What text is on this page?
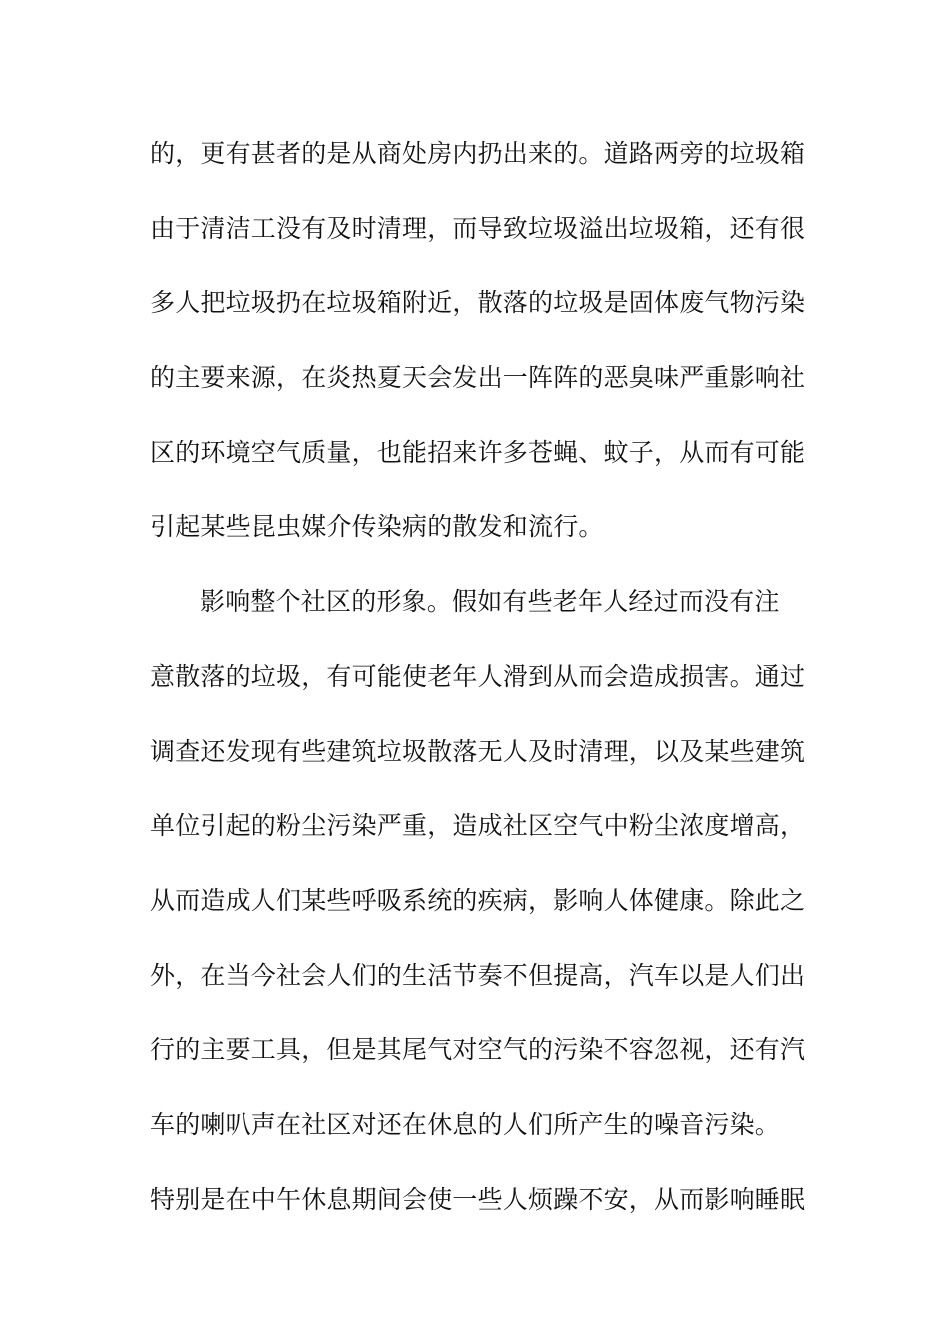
的，更有甚者的是从商处房内扔出来的。道路两旁的垃圾箱
由于清洁工没有及时清理，而导致垃圾溢出垃圾箱，还有很
多人把垃圾扔在垃圾箱附近，散落的垃圾是固体废气物污染
的主要来源，在炎热夏天会发出一阵阵的恶臭味严重影响社
区的环境空气质量，也能招来许多苍蝇、蚊子，从而有可能
引起某些昆虫媒介传染病的散发和流行。
影响整个社区的形象。假如有些老年人经过而没有注
意散落的垃圾，有可能使老年人滑到从而会造成损害。通过
调查还发现有些建筑垃圾散落无人及时清理，以及某些建筑
单位引起的粉尘污染严重，造成社区空气中粉尘浓度增高，
从而造成人们某些呼吸系统的疾病，影响人体健康。除此之
外，在当今社会人们的生活节奏不但提高，汽车以是人们出
行的主要工具，但是其尾气对空气的污染不容忽视，还有汽
车的喇叭声在社区对还在休息的人们所产生的噪音污染。
特别是在中午休息期间会使一些人烦躁不安，从而影响睡眠
